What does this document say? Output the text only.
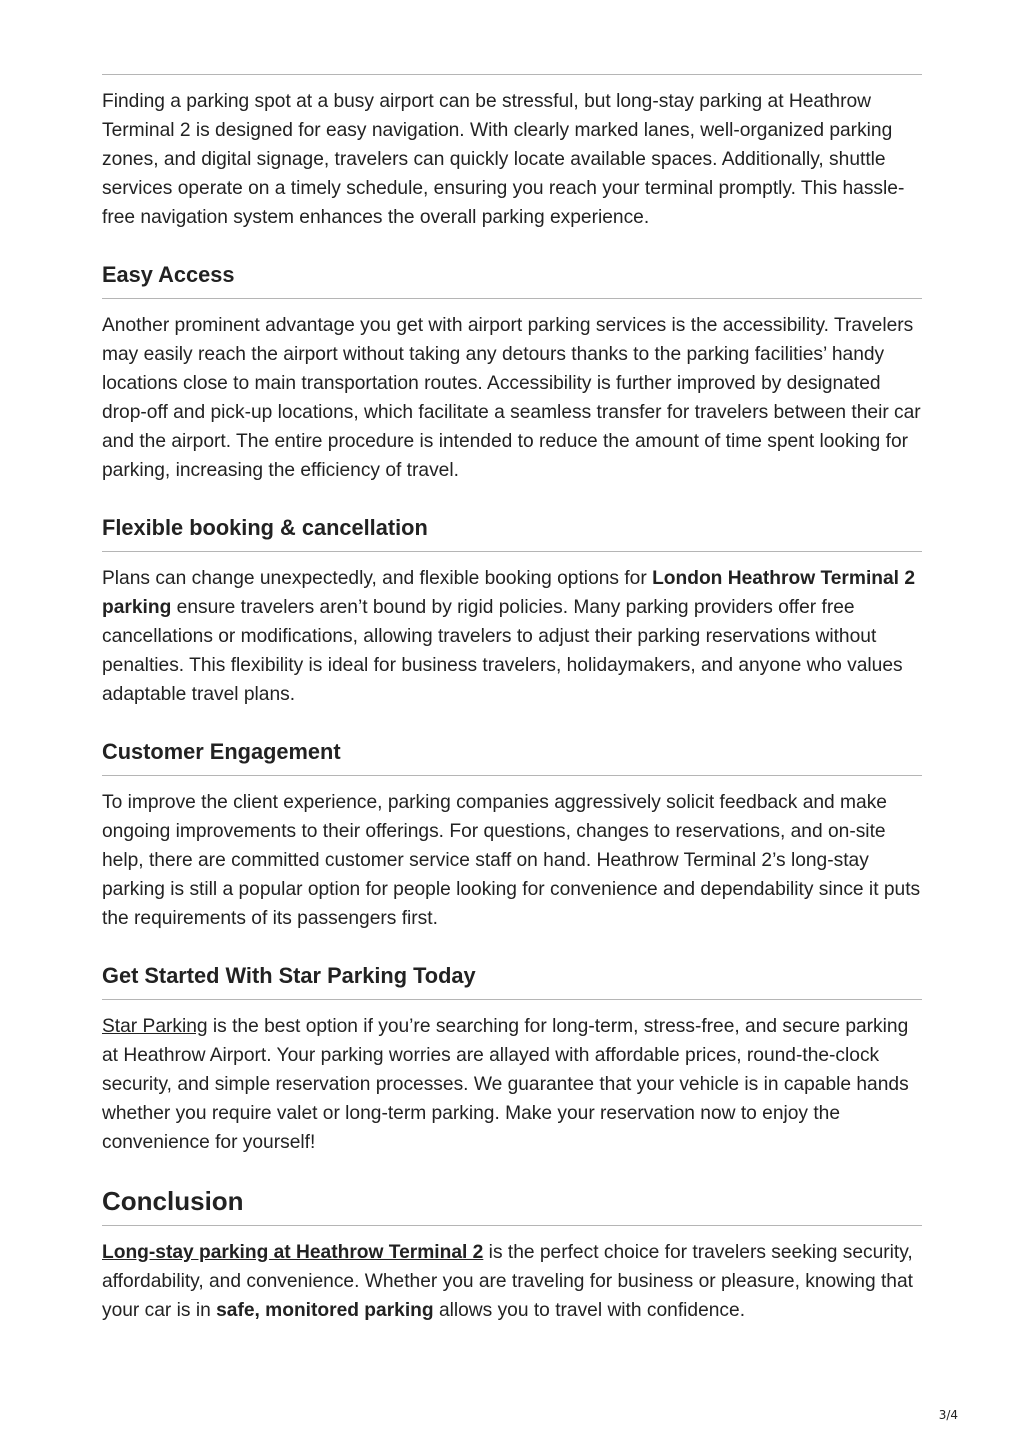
Finding a parking spot at a busy airport can be stressful, but long-stay parking at Heathrow Terminal 2 is designed for easy navigation. With clearly marked lanes, well-organized parking zones, and digital signage, travelers can quickly locate available spaces. Additionally, shuttle services operate on a timely schedule, ensuring you reach your terminal promptly. This hassle-free navigation system enhances the overall parking experience.

Easy Access

Another prominent advantage you get with airport parking services is the accessibility. Travelers may easily reach the airport without taking any detours thanks to the parking facilities’ handy locations close to main transportation routes. Accessibility is further improved by designated drop-off and pick-up locations, which facilitate a seamless transfer for travelers between their car and the airport. The entire procedure is intended to reduce the amount of time spent looking for parking, increasing the efficiency of travel.

Flexible booking & cancellation

Plans can change unexpectedly, and flexible booking options for London Heathrow Terminal 2 parking ensure travelers aren’t bound by rigid policies. Many parking providers offer free cancellations or modifications, allowing travelers to adjust their parking reservations without penalties. This flexibility is ideal for business travelers, holidaymakers, and anyone who values adaptable travel plans.

Customer Engagement

To improve the client experience, parking companies aggressively solicit feedback and make ongoing improvements to their offerings. For questions, changes to reservations, and on-site help, there are committed customer service staff on hand. Heathrow Terminal 2’s long-stay parking is still a popular option for people looking for convenience and dependability since it puts the requirements of its passengers first.

Get Started With Star Parking Today

Star Parking is the best option if you’re searching for long-term, stress-free, and secure parking at Heathrow Airport. Your parking worries are allayed with affordable prices, round-the-clock security, and simple reservation processes. We guarantee that your vehicle is in capable hands whether you require valet or long-term parking. Make your reservation now to enjoy the convenience for yourself!

Conclusion

Long-stay parking at Heathrow Terminal 2 is the perfect choice for travelers seeking security, affordability, and convenience. Whether you are traveling for business or pleasure, knowing that your car is in safe, monitored parking allows you to travel with confidence.

3/4
